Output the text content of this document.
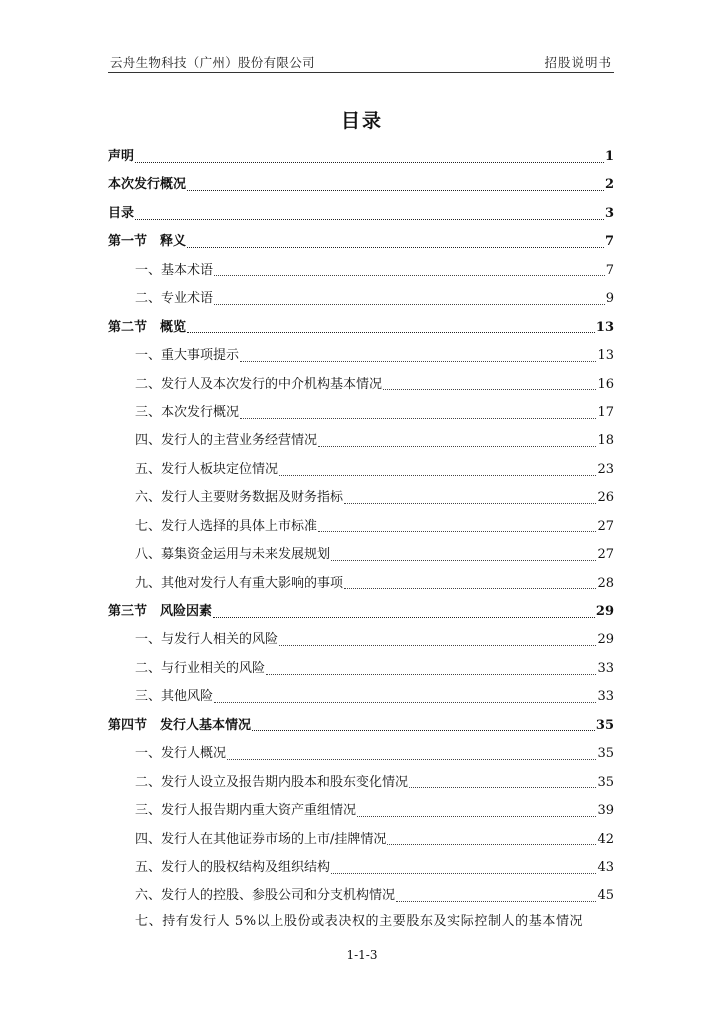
云舟生物科技（广州）股份有限公司	招股说明书
目录
声明	1
本次发行概况	2
目录	3
第一节　释义	7
一、基本术语	7
二、专业术语	9
第二节　概览	13
一、重大事项提示	13
二、发行人及本次发行的中介机构基本情况	16
三、本次发行概况	17
四、发行人的主营业务经营情况	18
五、发行人板块定位情况	23
六、发行人主要财务数据及财务指标	26
七、发行人选择的具体上市标准	27
八、募集资金运用与未来发展规划	27
九、其他对发行人有重大影响的事项	28
第三节　风险因素	29
一、与发行人相关的风险	29
二、与行业相关的风险	33
三、其他风险	33
第四节　发行人基本情况	35
一、发行人概况	35
二、发行人设立及报告期内股本和股东变化情况	35
三、发行人报告期内重大资产重组情况	39
四、发行人在其他证券市场的上市/挂牌情况	42
五、发行人的股权结构及组织结构	43
六、发行人的控股、参股公司和分支机构情况	45
七、持有发行人 5%以上股份或表决权的主要股东及实际控制人的基本情况
1-1-3
